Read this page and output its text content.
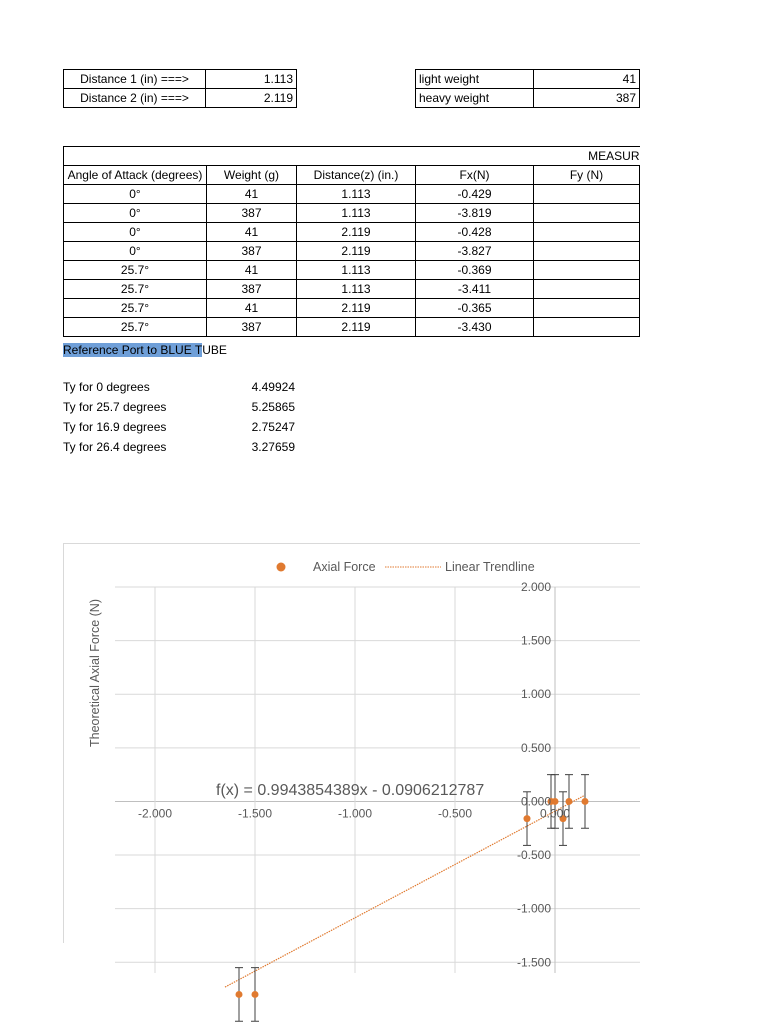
Distance 1 (in) ===>	1.113
Distance 2 (in) ===>	2.119
light weight	41
heavy weight	387
MEASUR				
Angle of Attack (degrees)	Weight (g)	Distance(z) (in.)	Fx(N)	Fy (N)
0°	41	1.113	-0.429	
0°	387	1.113	-3.819	
0°	41	2.119	-0.428	
0°	387	2.119	-3.827	
25.7°	41	1.113	-0.369	
25.7°	387	1.113	-3.411	
25.7°	41	2.119	-0.365	
25.7°	387	2.119	-3.430	
Reference Port to BLUE TUBE
Ty for 0 degrees	4.49924
Ty for 25.7 degrees	5.25865
Ty for 16.9 degrees	2.75247
Ty for 26.4 degrees	3.27659
2.000
1.500
1.000
0.500
0.000
-0.500
-1.000
-1.500
-2.000	-1.500	-1.000	-0.500	0.000
Theoretical Axial Force (N)
Axial Force	Linear Trendline
f(x) = 0.9943854389x - 0.0906212787
